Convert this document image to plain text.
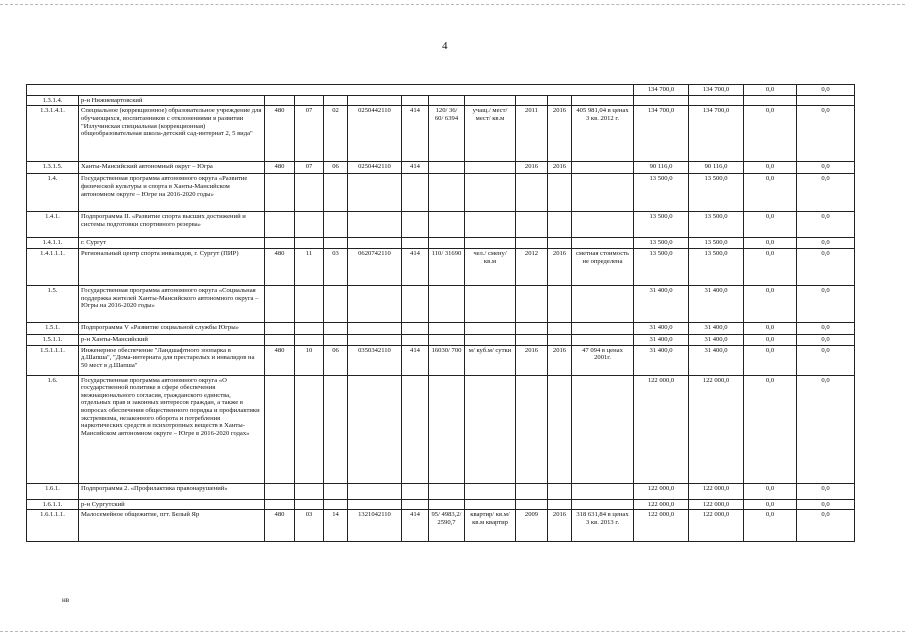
4
												134 700,0	134 700,0	0,0	0,0
1.3.1.4.	р-н Нижневартовский														
1.3.1.4.1.	Специальное (коррекционное) образовательное учреждение для обучающихся, воспитанников с отклонениями в развитии "Излучинская специальная (коррекционная) общеобразовательная школа-детский сад-интернат 2, 5 вида"	480	07	02	0250442110	414	120/ 36/ 60/ 6394	учащ./ мест/ мест/ кв.м	2011	2016	405 981,04 в ценах 3 кв. 2012 г.	134 700,0	134 700,0	0,0	0,0
1.3.1.5.	Ханты-Мансийский автономный округ – Югра	480	07	06	0250442110	414			2016	2016		90 116,0	90 116,0	0,0	0,0
1.4.	Государственная программа автономного округа «Развитие физической культуры и спорта в Ханты-Мансийском автономном округе – Югре на 2016-2020 годы»											13 500,0	13 500,0	0,0	0,0
1.4.1.	Подпрограмма II. «Развитие спорта высших достижений и системы подготовки спортивного резерва»											13 500,0	13 500,0	0,0	0,0
1.4.1.1.	г. Сургут											13 500,0	13 500,0	0,0	0,0
1.4.1.1.1.	Региональный центр спорта инвалидов, г. Сургут (ПИР)	480	11	03	0620742110	414	110/ 31690	чел./ смену/ кв.м	2012	2016	сметная стоимость не определена	13 500,0	13 500,0	0,0	0,0
1.5.	Государственная программа автономного округа «Социальная поддержка жителей Ханты-Мансийского автономного округа – Югры на 2016-2020 годы»											31 400,0	31 400,0	0,0	0,0
1.5.1.	Подпрограмма V «Развитие социальной службы Югры»											31 400,0	31 400,0	0,0	0,0
1.5.1.1.	р-н Ханты-Мансийский											31 400,0	31 400,0	0,0	0,0
1.5.1.1.1.	Инженерное обеспечение "Ландшафтного зоопарка в д.Шапша", "Дома-интерната для престарелых и инвалидов на 50 мест в д.Шапша"	480	10	06	0350342110	414	16030/ 700	м/ куб.м/ сутки	2016	2016	47 094 в ценах 2001г.	31 400,0	31 400,0	0,0	0,0
1.6.	Государственная программа автономного округа «О государственной политике в сфере обеспечения межнационального согласия, гражданского единства, отдельных прав и законных интересов граждан, а также в вопросах обеспечения общественного порядка и профилактики экстремизма, незаконного оборота и потребления наркотических средств и психотропных веществ в Ханты-Мансийском автономном округе – Югре в 2016-2020 годах»											122 000,0	122 000,0	0,0	0,0
1.6.1.	Подпрограмма 2. «Профилактика правонарушений»											122 000,0	122 000,0	0,0	0,0
1.6.1.1.	р-н Сургутский											122 000,0	122 000,0	0,0	0,0
1.6.1.1.1.	Малосемейное общежитие, пгт. Белый Яр	480	03	14	1321042110	414	95/ 4983,2/ 2590,7	квартир/ кв.м/ кв.м квартир	2009	2016	318 631,84 в ценах 3 кв. 2013 г.	122 000,0	122 000,0	0,0	0,0
нв
